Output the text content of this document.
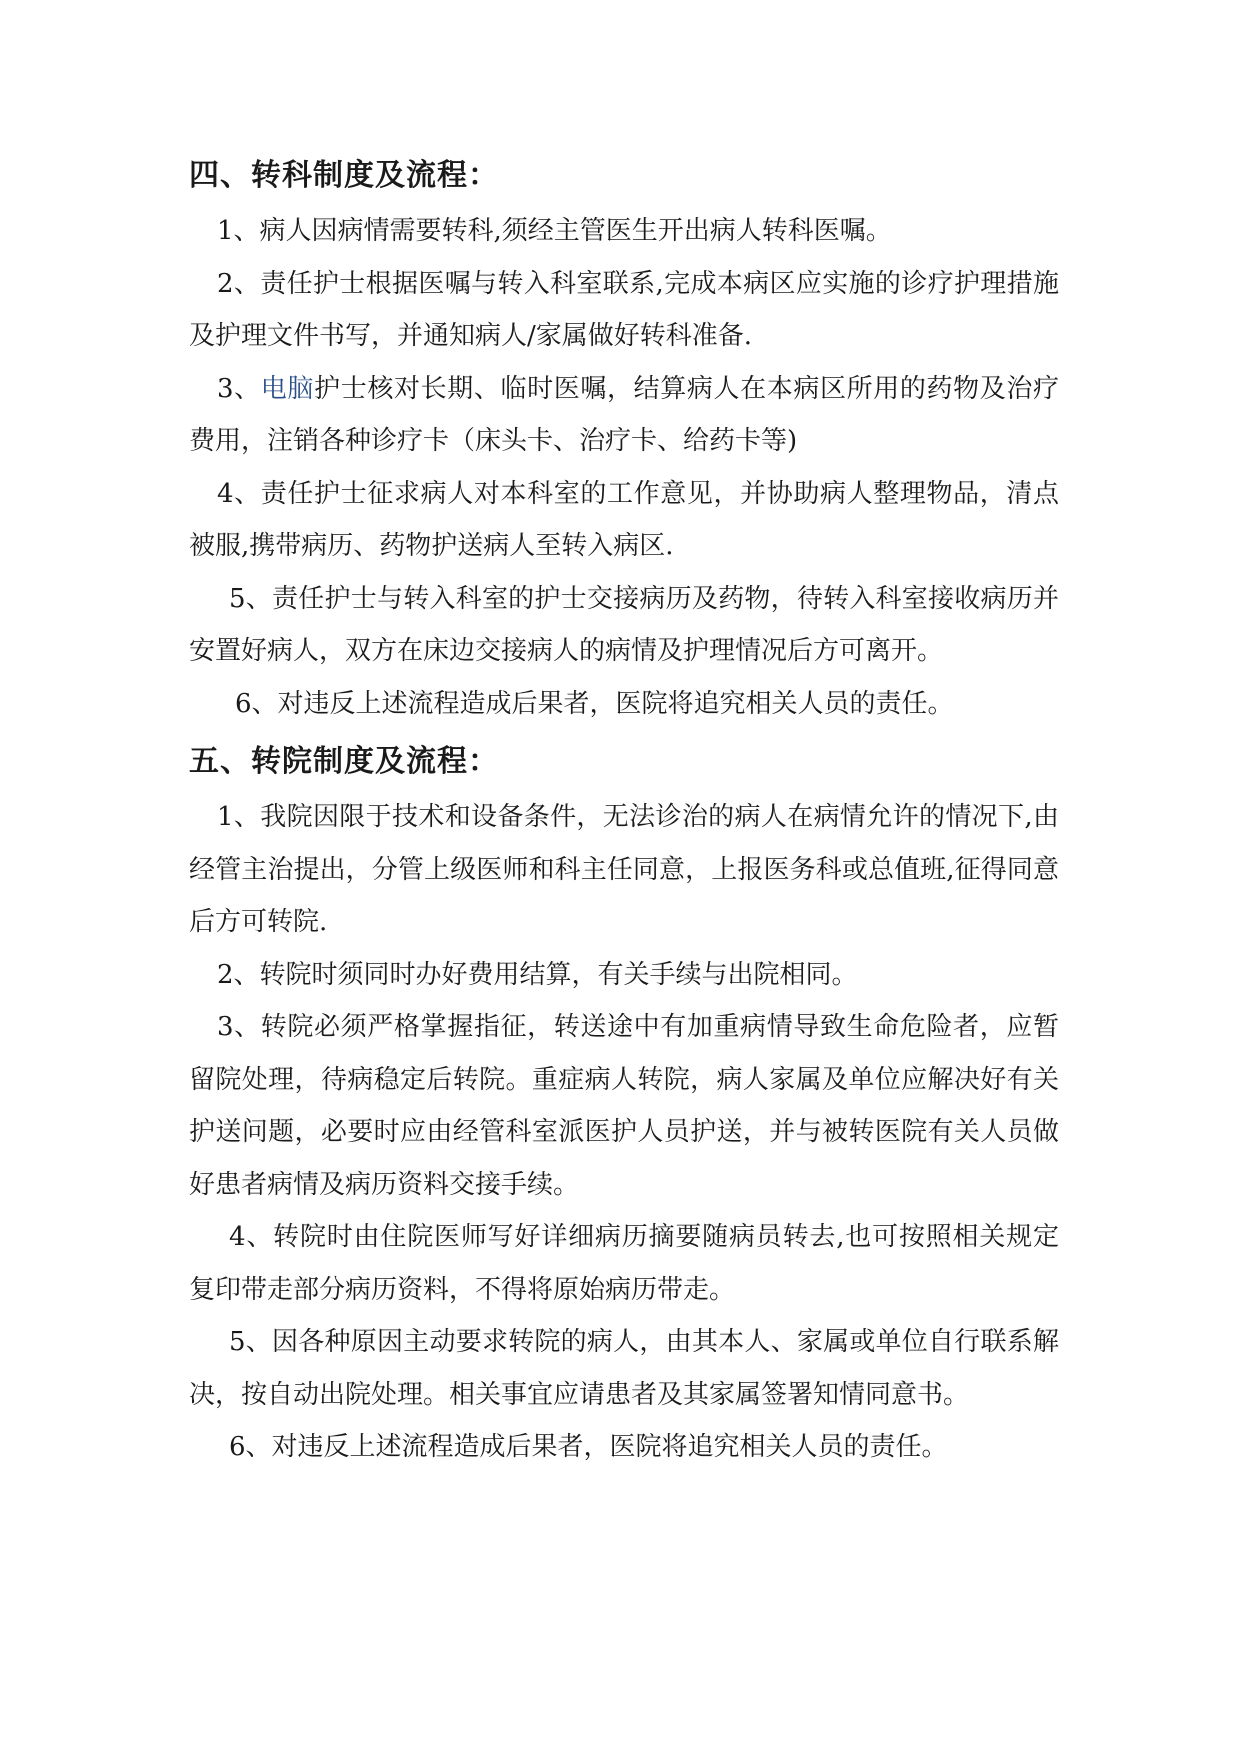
四、转科制度及流程：

1、病人因病情需要转科,须经主管医生开出病人转科医嘱。

2、责任护士根据医嘱与转入科室联系,完成本病区应实施的诊疗护理措施及护理文件书写，并通知病人/家属做好转科准备.

3、电脑护士核对长期、临时医嘱，结算病人在本病区所用的药物及治疗费用，注销各种诊疗卡（床头卡、治疗卡、给药卡等)

4、责任护士征求病人对本科室的工作意见，并协助病人整理物品，清点被服,携带病历、药物护送病人至转入病区.

5、责任护士与转入科室的护士交接病历及药物，待转入科室接收病历并安置好病人，双方在床边交接病人的病情及护理情况后方可离开。

6、对违反上述流程造成后果者，医院将追究相关人员的责任。

五、转院制度及流程：

1、我院因限于技术和设备条件，无法诊治的病人在病情允许的情况下,由经管主治提出，分管上级医师和科主任同意，上报医务科或总值班,征得同意后方可转院.

2、转院时须同时办好费用结算，有关手续与出院相同。

3、转院必须严格掌握指征，转送途中有加重病情导致生命危险者，应暂留院处理，待病稳定后转院。重症病人转院，病人家属及单位应解决好有关护送问题，必要时应由经管科室派医护人员护送，并与被转医院有关人员做好患者病情及病历资料交接手续。

4、转院时由住院医师写好详细病历摘要随病员转去,也可按照相关规定复印带走部分病历资料，不得将原始病历带走。

5、因各种原因主动要求转院的病人，由其本人、家属或单位自行联系解决，按自动出院处理。相关事宜应请患者及其家属签署知情同意书。

6、对违反上述流程造成后果者，医院将追究相关人员的责任。
